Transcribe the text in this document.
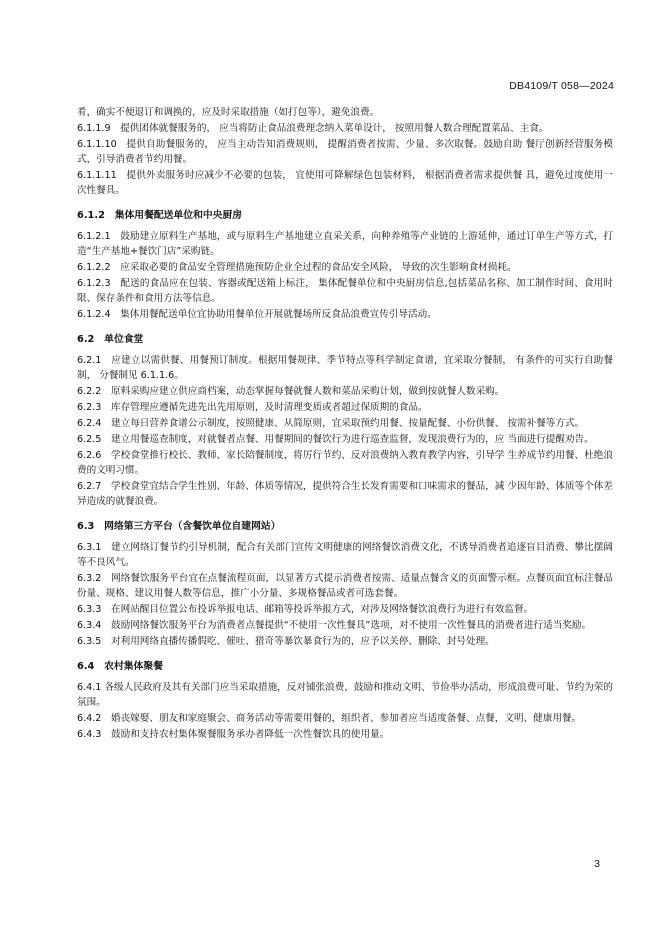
DB4109/T 058—2024

肴，确实不便退订和调换的，应及时采取措施（如打包等），避免浪费。

6.1.1.9　提供团体就餐服务的， 应当将防止食品浪费理念纳入菜单设计， 按照用餐人数合理配置菜品、主食。

6.1.1.10　提供自助餐服务的， 应当主动告知消费规则， 提醒消费者按需、少量、多次取餐。鼓励自助 餐厅创新经营服务模式，引导消费者节约用餐。

6.1.1.11　提供外卖服务时应减少不必要的包装， 宜使用可降解绿色包装材料， 根据消费者需求提供餐 具，避免过度使用一次性餐具。

6.1.2　集体用餐配送单位和中央厨房

6.1.2.1　鼓励建立原料生产基地，或与原料生产基地建立直采关系，向种养殖等产业链的上游延伸，通过订单生产等方式，打造“生产基地+餐饮门店”采购链。

6.1.2.2　应采取必要的食品安全管理措施预防企业全过程的食品安全风险， 导致的次生影响食材损耗。

6.1.2.3　配送的食品应在包装、容器或配送箱上标注， 集体配餐单位和中央厨房信息,包括菜品名称、加工制作时间、食用时限、保存条件和食用方法等信息。

6.1.2.4　集体用餐配送单位宜协助用餐单位开展就餐场所反食品浪费宣传引导活动。

6.2　单位食堂

6.2.1　应建立以需供餐、用餐预订制度。根据用餐规律、季节特点等科学制定食谱，宜采取分餐制， 有条件的可实行自助餐制， 分餐制见 6.1.1.6。

6.2.2　原料采购应建立供应商档案，动态掌握每餐就餐人数和菜品采购计划，做到按就餐人数采购。

6.2.3　库存管理应遵循先进先出先用原则，及时清理变质或者超过保质期的食品。

6.2.4　建立每日营养食谱公示制度，按照健康、从简原则，宜采取预约用餐、按量配餐、小份供餐、 按需补餐等方式。

6.2.5　建立用餐巡查制度，对就餐者点餐、用餐期间的餐饮行为进行巡查监督，发现浪费行为的，应 当面进行提醒劝告。

6.2.6　学校食堂推行校长、教师、家长陪餐制度，将厉行节约、反对浪费纳入教育教学内容，引导学 生养成节约用餐、杜绝浪费的文明习惯。

6.2.7　学校食堂宜结合学生性别、年龄、体质等情况，提供符合生长发育需要和口味需求的餐品，减 少因年龄、体质等个体差异造成的就餐浪费。

6.3　网络第三方平台（含餐饮单位自建网站）

6.3.1　建立网络订餐节约引导机制，配合有关部门宣传文明健康的网络餐饮消费文化，不诱导消费者追逐盲目消费、攀比摆阔等不良风气。

6.3.2　网络餐饮服务平台宜在点餐流程页面，以显著方式提示消费者按需、适量点餐含义的页面警示框。点餐页面宜标注餐品份量、规格、建议用餐人数等信息，推广小分量、多规格餐品或者可选套餐。

6.3.3　在网站醒目位置公布投诉举报电话、邮箱等投诉举报方式，对涉及网络餐饮浪费行为进行有效监督。

6.3.4　鼓励网络餐饮服务平台为消费者点餐提供“不使用一次性餐具”选项，对不使用一次性餐具的消费者进行适当奖励。

6.3.5　对利用网络直播传播假吃、催吐、猎奇等暴饮暴食行为的，应予以关停、删除、封号处理。

6.4　农村集体聚餐

6.4.1 各级人民政府及其有关部门应当采取措施，反对铺张浪费，鼓励和推动文明、节俭举办活动，形成浪费可耻、节约为荣的氛围。

6.4.2　婚丧嫁娶、朋友和家庭聚会、商务活动等需要用餐的，组织者、参加者应当适度备餐、点餐，文明、健康用餐。

6.4.3　鼓励和支持农村集体聚餐服务承办者降低一次性餐饮具的使用量。

3
